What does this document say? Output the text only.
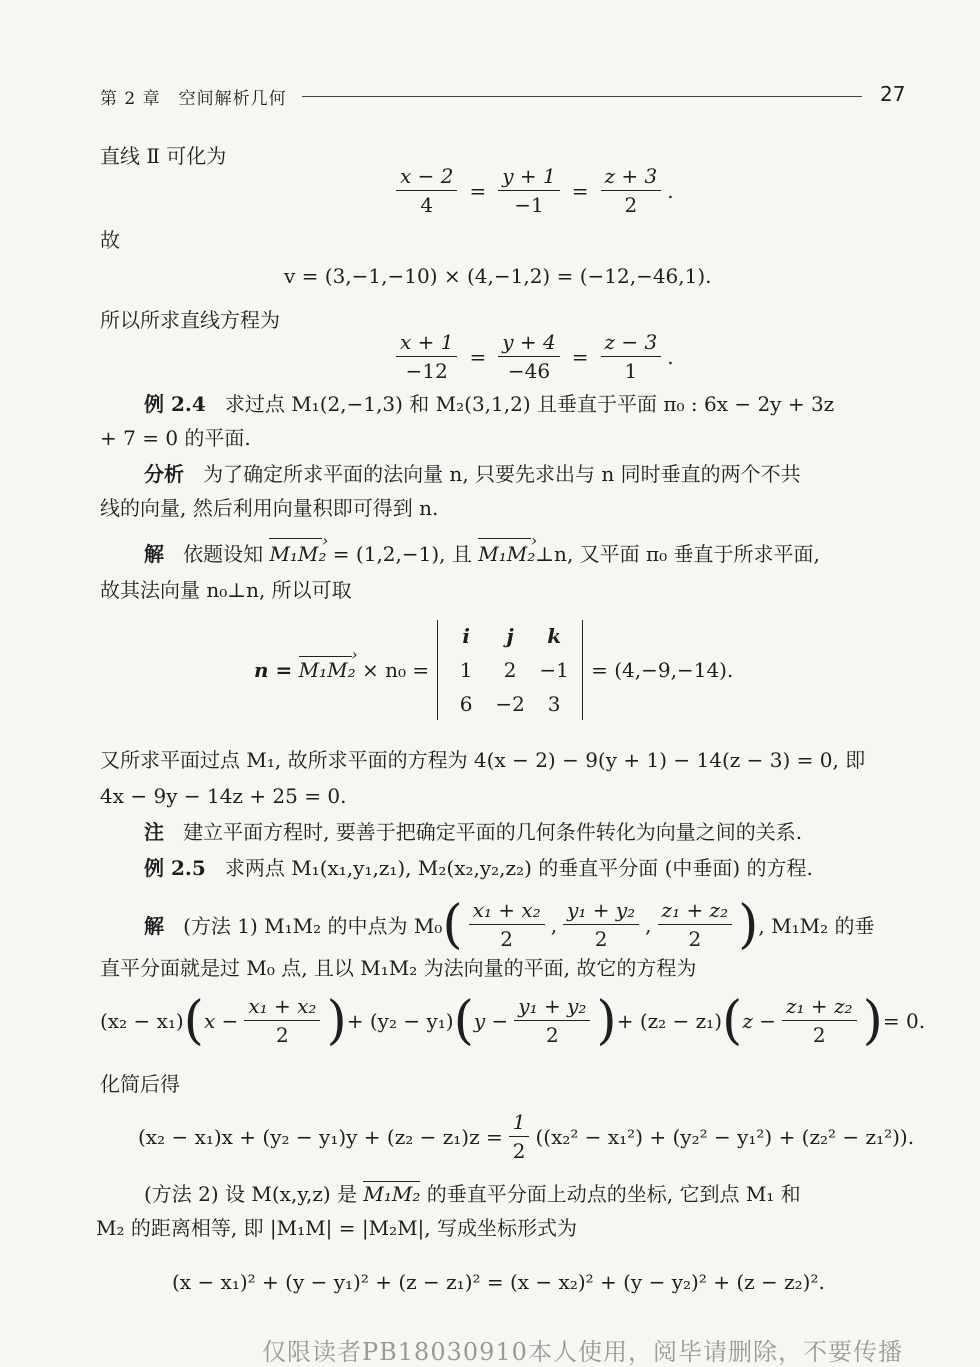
第 2 章　空间解析几何	27
直线 Ⅱ 可化为
$\frac{x - 2}{4} = \frac{y + 1}{-1} = \frac{z + 3}{2}$ .
故
v = (3,−1,−10) × (4,−1,2) = (−12,−46,1).
所以所求直线方程为
$\frac{x + 1}{-12} = \frac{y + 4}{-46} = \frac{z - 3}{1}$ .
例 2.4 求过点 M₁(2,−1,3) 和 M₂(3,1,2) 且垂直于平面 π₀ : 6x − 2y + 3z
+ 7 = 0 的平面.
分析 为了确定所求平面的法向量 n, 只要先求出与 n 同时垂直的两个不共
线的向量, 然后利用向量积即可得到 n.
解 依题设知 M₁M₂ › = (1,2,−1), 且 M₁M₂ ›⊥n, 又平面 π₀ 垂直于所求平面,
故其法向量 n₀⊥n, 所以可取
n =
M₁M₂ ›
× n₀ =
i	j	k
1	2	−1
6	−2	3
= (4,−9,−14).
又所求平面过点 M₁, 故所求平面的方程为 4(x − 2) − 9(y + 1) − 14(z − 3) = 0, 即
4x − 9y − 14z + 25 = 0.
注 建立平面方程时, 要善于把确定平面的几何条件转化为向量之间的关系.
例 2.5 求两点 M₁(x₁,y₁,z₁), M₂(x₂,y₂,z₂) 的垂直平分面 (中垂面) 的方程.
解
(方法 1) M₁M₂ 的中点为 M₀ ( $\frac{\text{x₁ + x₂}}{2}$ , $\frac{\text{y₁ + y₂}}{2}$ , $\frac{\text{z₁ + z₂}}{2}$ ) , M₁M₂ 的垂
直平分面就是过 M₀ 点, 且以 M₁M₂ 为法向量的平面, 故它的方程为
(x₂ − x₁) ( $x - \frac{\text{x₁ + x₂}}{2}$ ) + (y₂ − y₁) ( $y - \frac{\text{y₁ + y₂}}{2}$ ) + (z₂ − z₁) ( $z - \frac{\text{z₁ + z₂}}{2}$ ) = 0.
化简后得
$(x_2 - x_1)x + (y_2 - y_1)y + (z_2 - z_1)z = \frac{1}{2} ((x_2^2 - x_1^2) + (y_2^2 - y_1^2) + (z_2^2 - z_1^2))$.
(方法 2) 设 M(x,y,z) 是 M₁M₂ 的垂直平分面上动点的坐标, 它到点 M₁ 和
M₂ 的距离相等, 即 |M₁M| = |M₂M|, 写成坐标形式为
(x − x₁)² + (y − y₁)² + (z − z₁)² = (x − x₂)² + (y − y₂)² + (z − z₂)².
仅限读者PB18030910本人使用，阅毕请删除，不要传播
